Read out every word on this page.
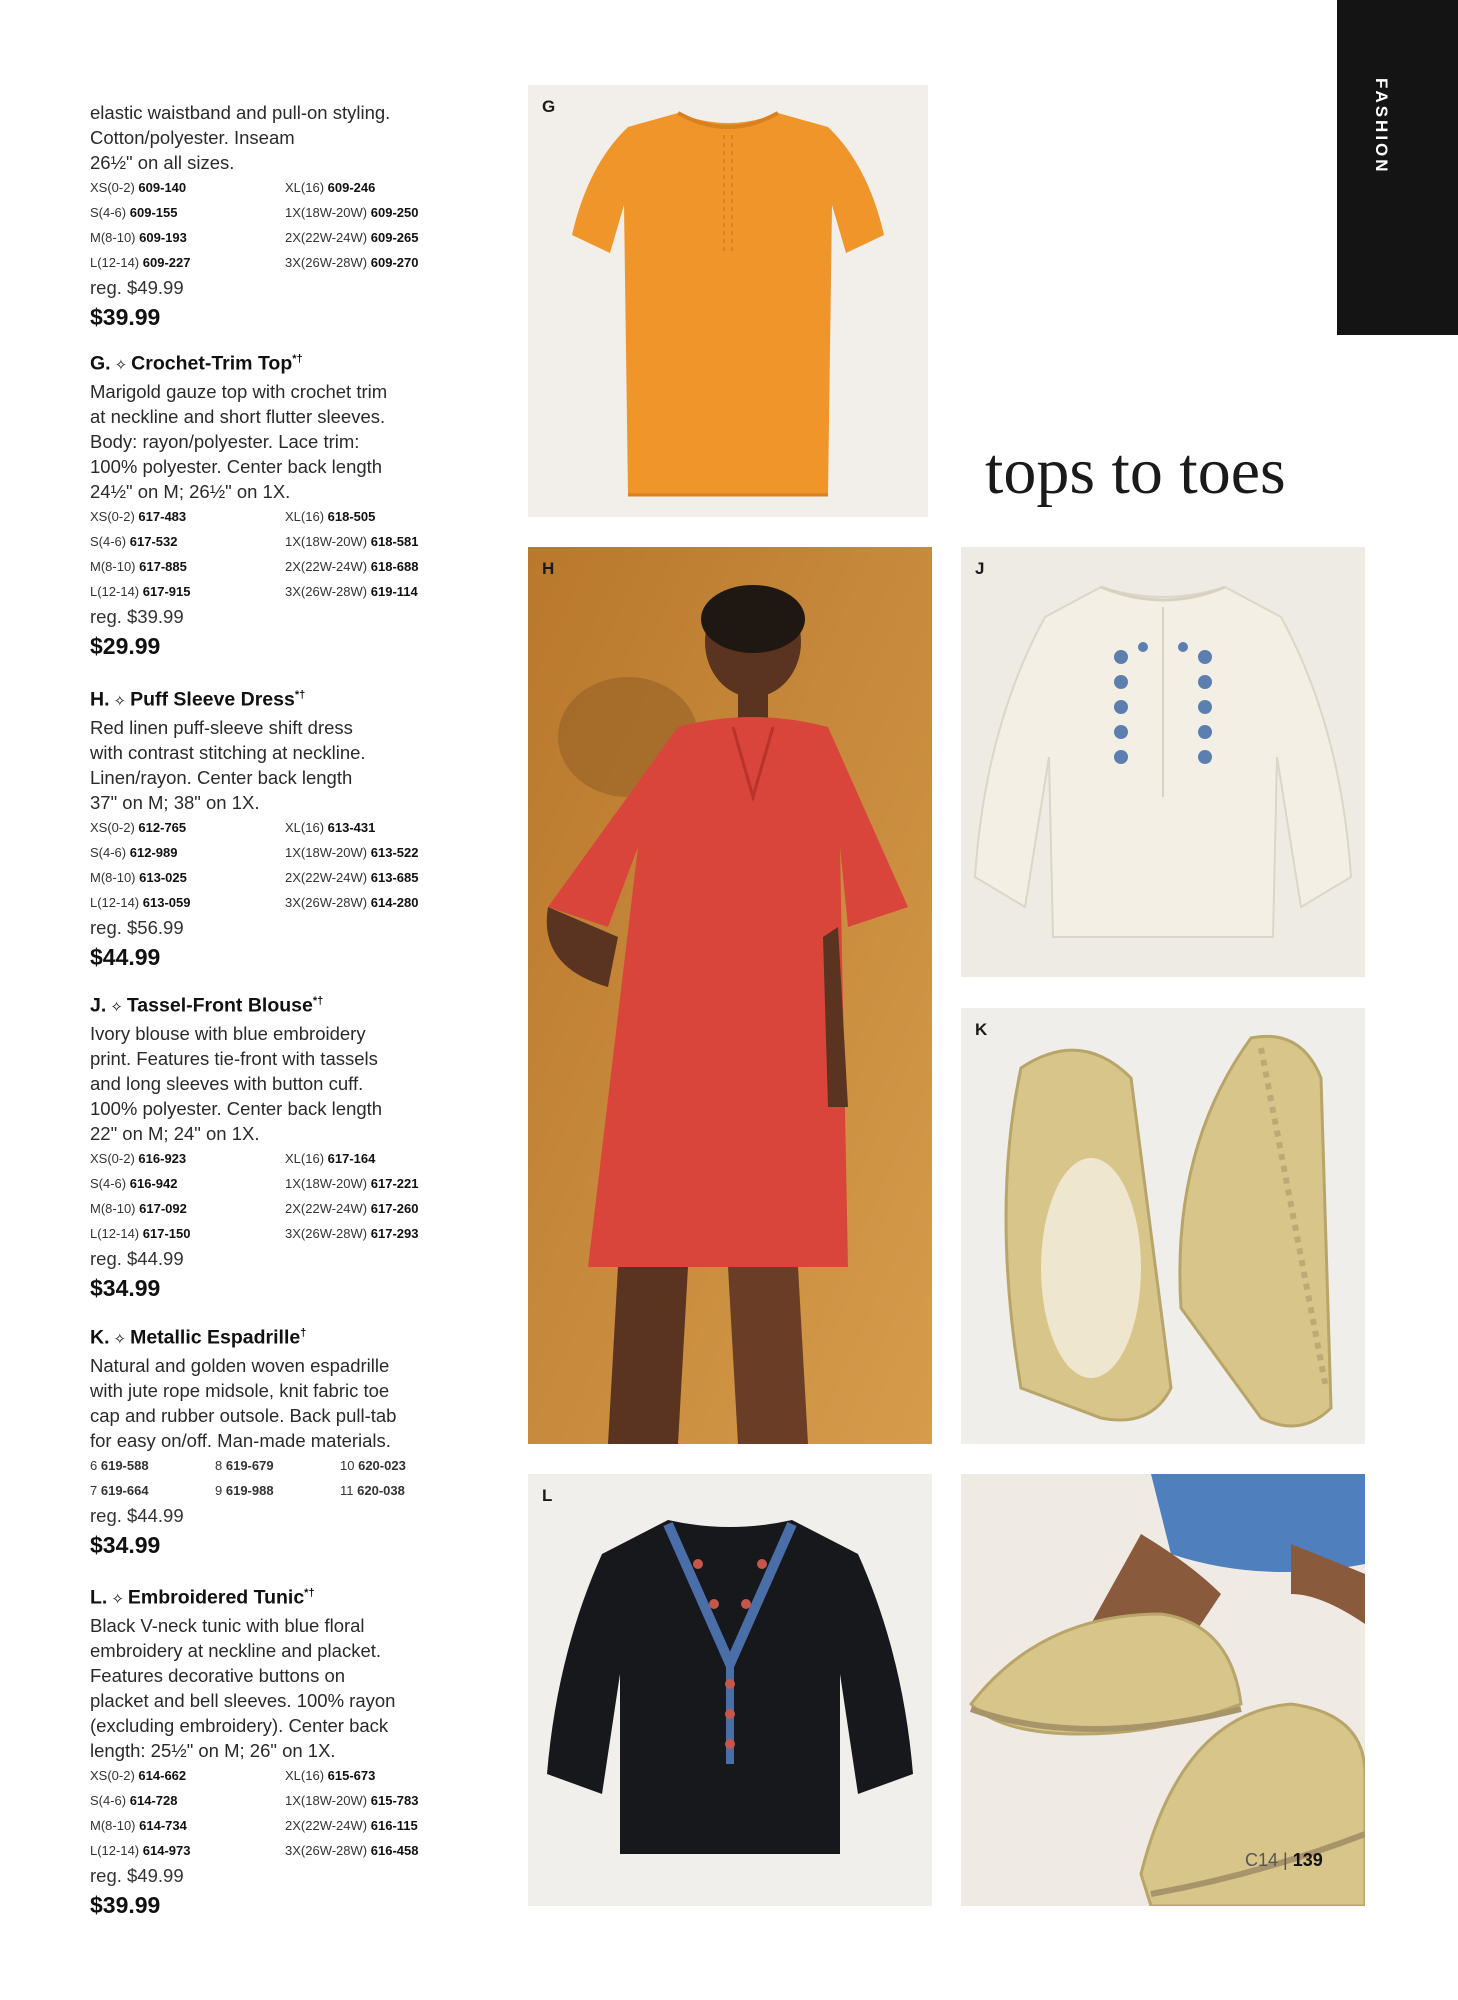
FASHION
elastic waistband and pull-on styling.
Cotton/polyester. Inseam
26½" on all sizes.
XS(0-2) 609-140	XL(16) 609-246
S(4-6) 609-155	1X(18W-20W) 609-250
M(8-10) 609-193	2X(22W-24W) 609-265
L(12-14) 609-227	3X(26W-28W) 609-270
reg. $49.99
$39.99
G. ✧ Crochet-Trim Top*†
Marigold gauze top with crochet trim
at neckline and short flutter sleeves.
Body: rayon/polyester. Lace trim:
100% polyester. Center back length
24½" on M; 26½" on 1X.
XS(0-2) 617-483	XL(16) 618-505
S(4-6) 617-532	1X(18W-20W) 618-581
M(8-10) 617-885	2X(22W-24W) 618-688
L(12-14) 617-915	3X(26W-28W) 619-114
reg. $39.99
$29.99
H. ✧ Puff Sleeve Dress*†
Red linen puff-sleeve shift dress
with contrast stitching at neckline.
Linen/rayon. Center back length
37" on M; 38" on 1X.
XS(0-2) 612-765	XL(16) 613-431
S(4-6) 612-989	1X(18W-20W) 613-522
M(8-10) 613-025	2X(22W-24W) 613-685
L(12-14) 613-059	3X(26W-28W) 614-280
reg. $56.99
$44.99
J. ✧ Tassel-Front Blouse*†
Ivory blouse with blue embroidery
print. Features tie-front with tassels
and long sleeves with button cuff.
100% polyester. Center back length
22" on M; 24" on 1X.
XS(0-2) 616-923	XL(16) 617-164
S(4-6) 616-942	1X(18W-20W) 617-221
M(8-10) 617-092	2X(22W-24W) 617-260
L(12-14) 617-150	3X(26W-28W) 617-293
reg. $44.99
$34.99
K. ✧ Metallic Espadrille†
Natural and golden woven espadrille
with jute rope midsole, knit fabric toe
cap and rubber outsole. Back pull-tab
for easy on/off. Man-made materials.
6 619-588	8 619-679	10 620-023
7 619-664	9 619-988	11 620-038
reg. $44.99
$34.99
L. ✧ Embroidered Tunic*†
Black V-neck tunic with blue floral
embroidery at neckline and placket.
Features decorative buttons on
placket and bell sleeves. 100% rayon
(excluding embroidery). Center back
length: 25½" on M; 26" on 1X.
XS(0-2) 614-662	XL(16) 615-673
S(4-6) 614-728	1X(18W-20W) 615-783
M(8-10) 614-734	2X(22W-24W) 616-115
L(12-14) 614-973	3X(26W-28W) 616-458
reg. $49.99
$39.99
tops to toes
G
H	J
K
L
C14 | 139
